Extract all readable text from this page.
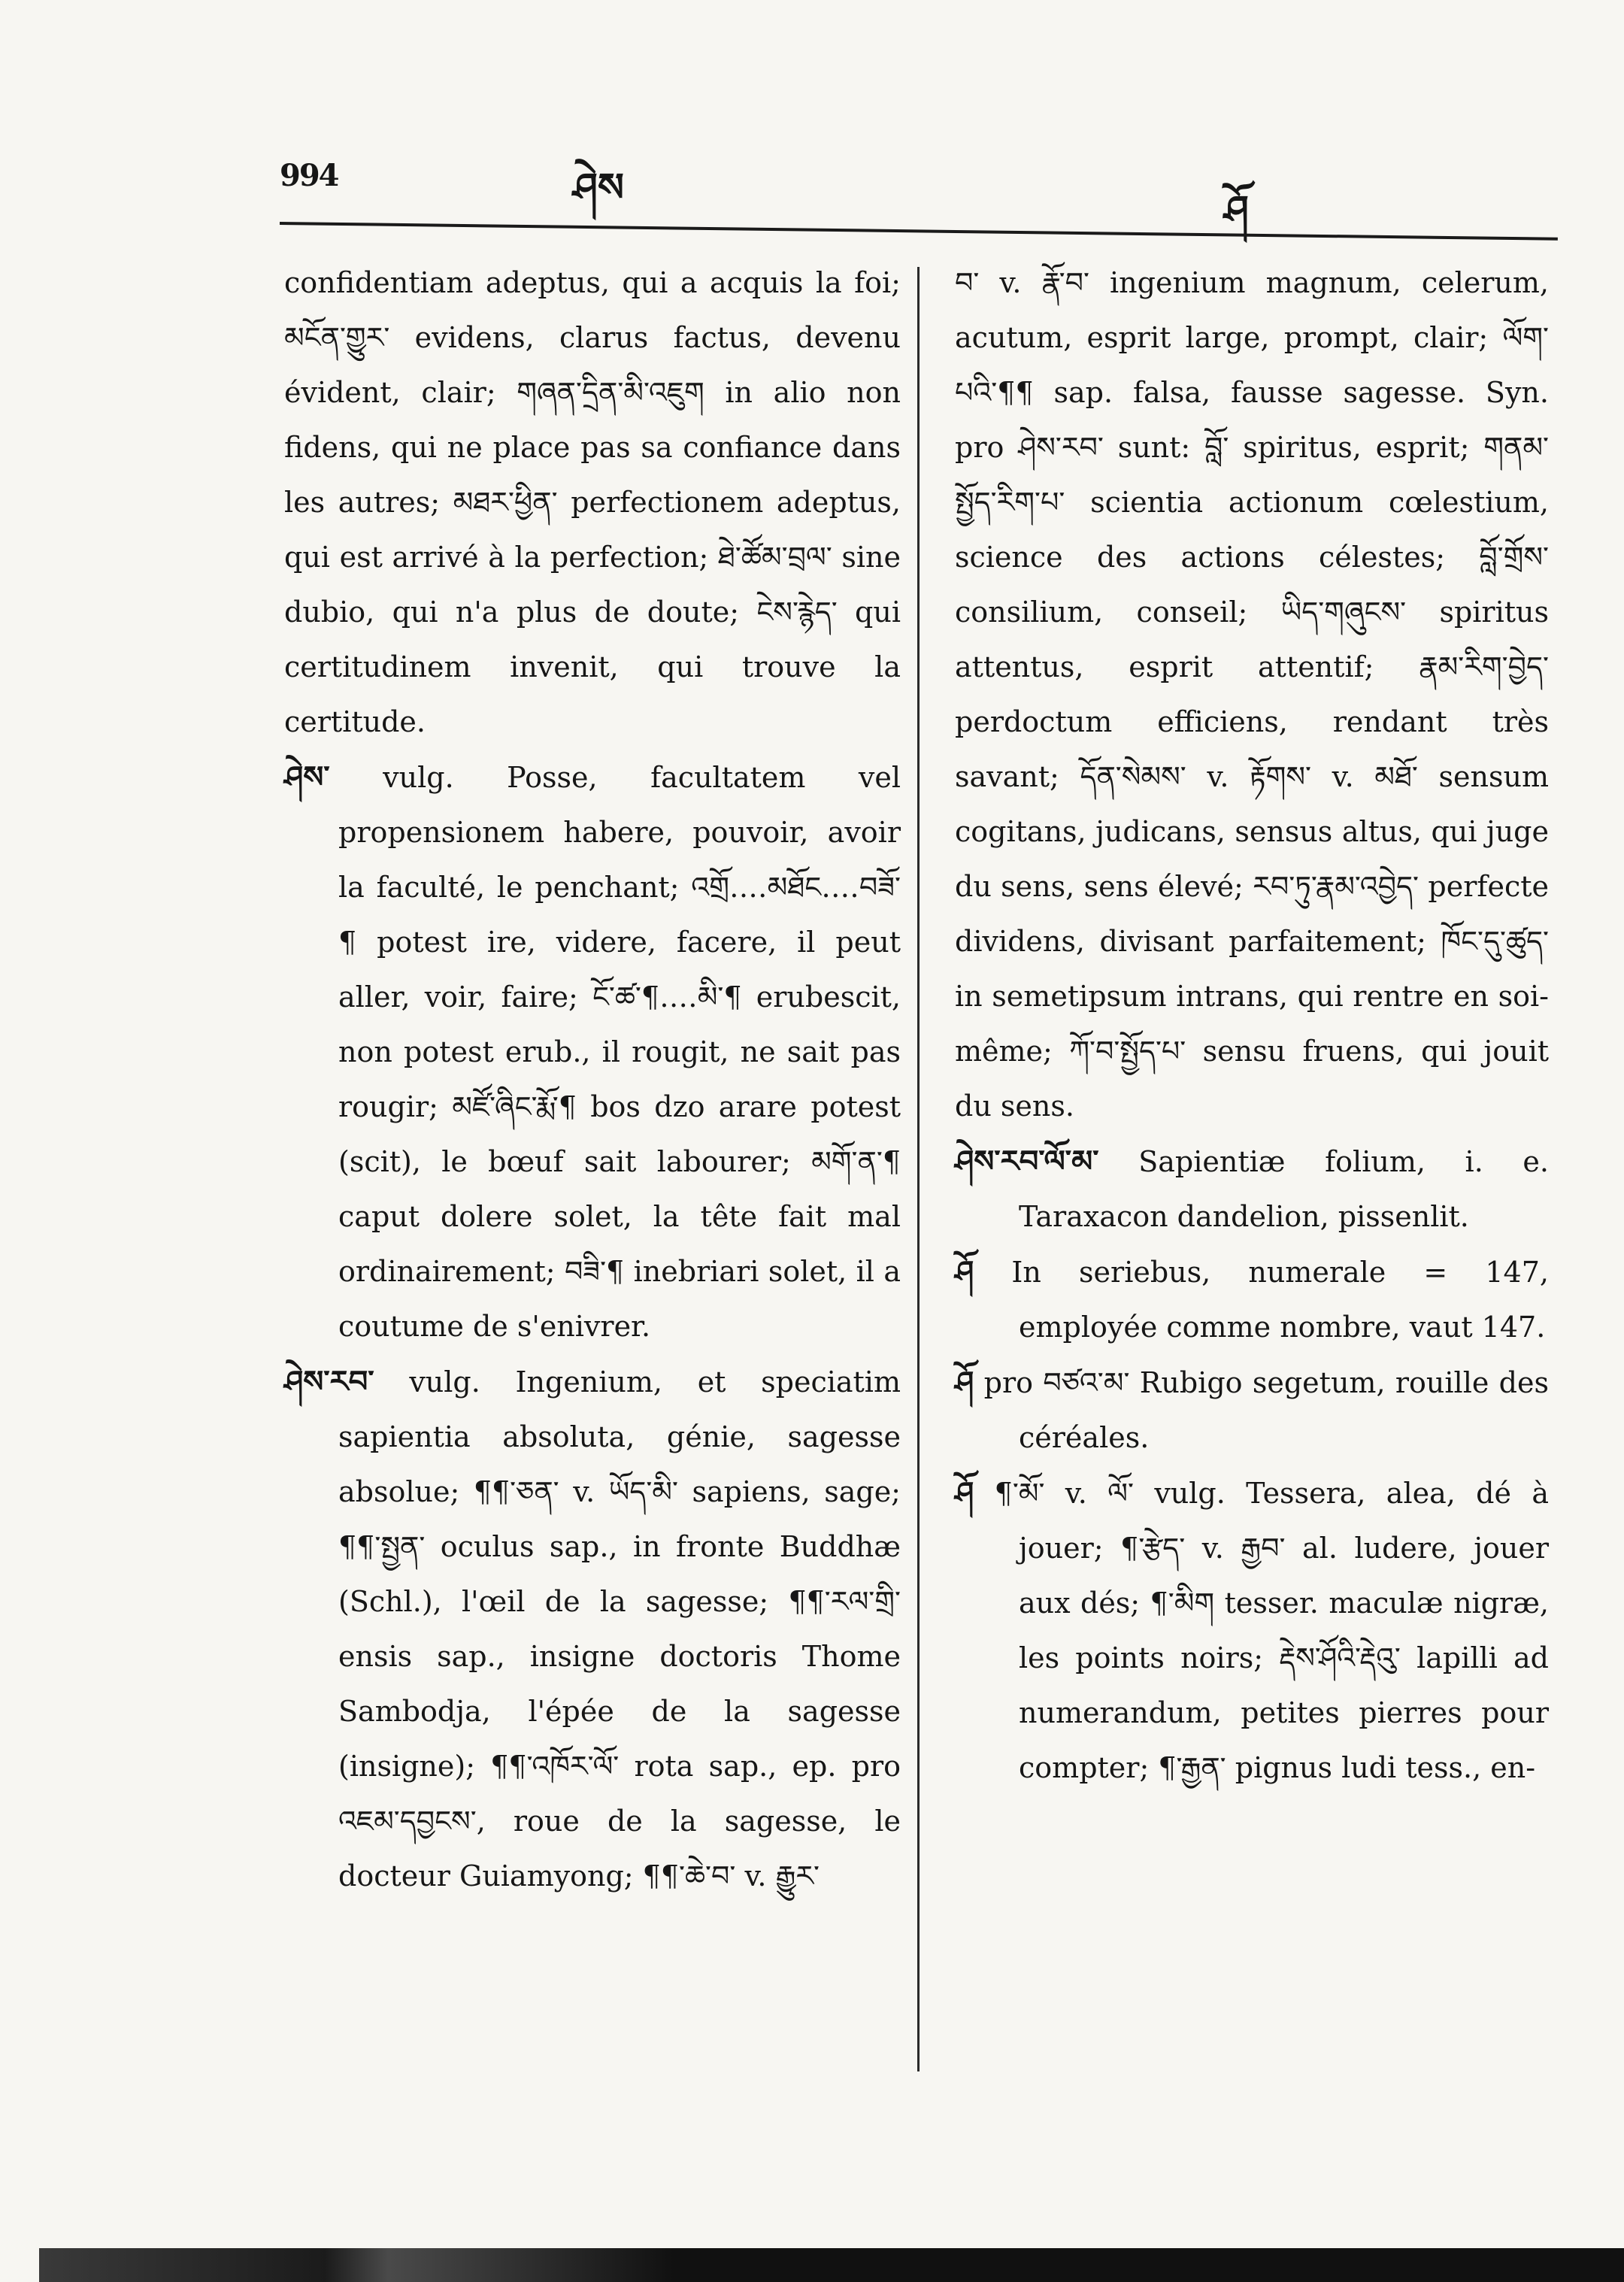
994	ཤེས	ཤོ

confidentiam adeptus, qui a acquis la foi; མངོན་གྱུར་ evidens, clarus factus, devenu évident, clair; གཞན་དྲིན་མི་འཇུག in alio non fidens, qui ne place pas sa confiance dans les autres; མཐར་ཕྱིན་ perfectionem adeptus, qui est arrivé à la perfection; ཐེ་ཚོམ་བྲལ་ sine dubio, qui n'a plus de doute; ངེས་རྙེད་ qui certitudinem invenit, qui trouve la certitude.

ཤེས་ vulg. Posse, facultatem vel propensionem habere, pouvoir, avoir la faculté, le penchant; འགྲོ‥‥མཐོང‥‥བཟོ་¶ potest ire, videre, facere, il peut aller, voir, faire; ངོ་ཚ་¶‥‥མི་¶ erubescit, non potest erub., il rougit, ne sait pas rougir; མཛོ་ཞིང་རྨོ་¶ bos dzo arare potest (scit), le bœuf sait labourer; མགོ་ན་¶ caput dolere solet, la tête fait mal ordinairement; བཟི་¶ inebriari solet, il a coutume de s'enivrer.

ཤེས་རབ་ vulg. Ingenium, et speciatim sapientia absoluta, génie, sagesse absolue; ¶¶་ཅན་ v. ཡོད་མི་ sapiens, sage; ¶¶་སྤྱན་ oculus sap., in fronte Buddhæ (Schl.), l'œil de la sagesse; ¶¶་རལ་གྲི་ ensis sap., insigne doctoris Thome Sambodja, l'épée de la sagesse (insigne); ¶¶་འཁོར་ལོ་ rota sap., ep. pro འཇམ་དབྱངས་, roue de la sagesse, le docteur Guiamyong; ¶¶་ཆེ་བ་ v. རྒྱུར་

བ་ v. རྣོ་བ་ ingenium magnum, celerum, acutum, esprit large, prompt, clair; ལོག་པའི་¶¶ sap. falsa, fausse sagesse. Syn. pro ཤེས་རབ་ sunt: བློ་ spiritus, esprit; གནམ་སྤྱོད་རིག་པ་ scientia actionum cœlestium, science des actions célestes; བློ་གྲོས་ consilium, conseil; ཡིད་གཞུངས་ spiritus attentus, esprit attentif; རྣམ་རིག་བྱེད་ perdoctum efficiens, rendant très savant; དོན་སེམས་ v. རྟོགས་ v. མཐོ་ sensum cogitans, judicans, sensus altus, qui juge du sens, sens élevé; རབ་ཏུ་རྣམ་འབྱེད་ perfecte dividens, divisant parfaitement; ཁོང་དུ་ཚུད་ in semetipsum intrans, qui rentre en soi-même; ཀོ་བ་སྤྱོད་པ་ sensu fruens, qui jouit du sens.

ཤེས་རབ་ལོ་མ་ Sapientiæ folium, i. e. Taraxacon dandelion, pissenlit.

ཤོ In seriebus, numerale = 147, employée comme nombre, vaut 147.

ཤོ pro བཙའ་མ་ Rubigo segetum, rouille des céréales.

ཤོ ¶་མོ་ v. ལོ་ vulg. Tessera, alea, dé à jouer; ¶་རྩེད་ v. རྒྱབ་ al. ludere, jouer aux dés; ¶་མིག tesser. maculæ nigræ, les points noirs; རྡེས་ཤོའི་རྡེའུ་ lapilli ad numerandum, petites pierres pour compter; ¶་རྒྱན་ pignus ludi tess., en-
